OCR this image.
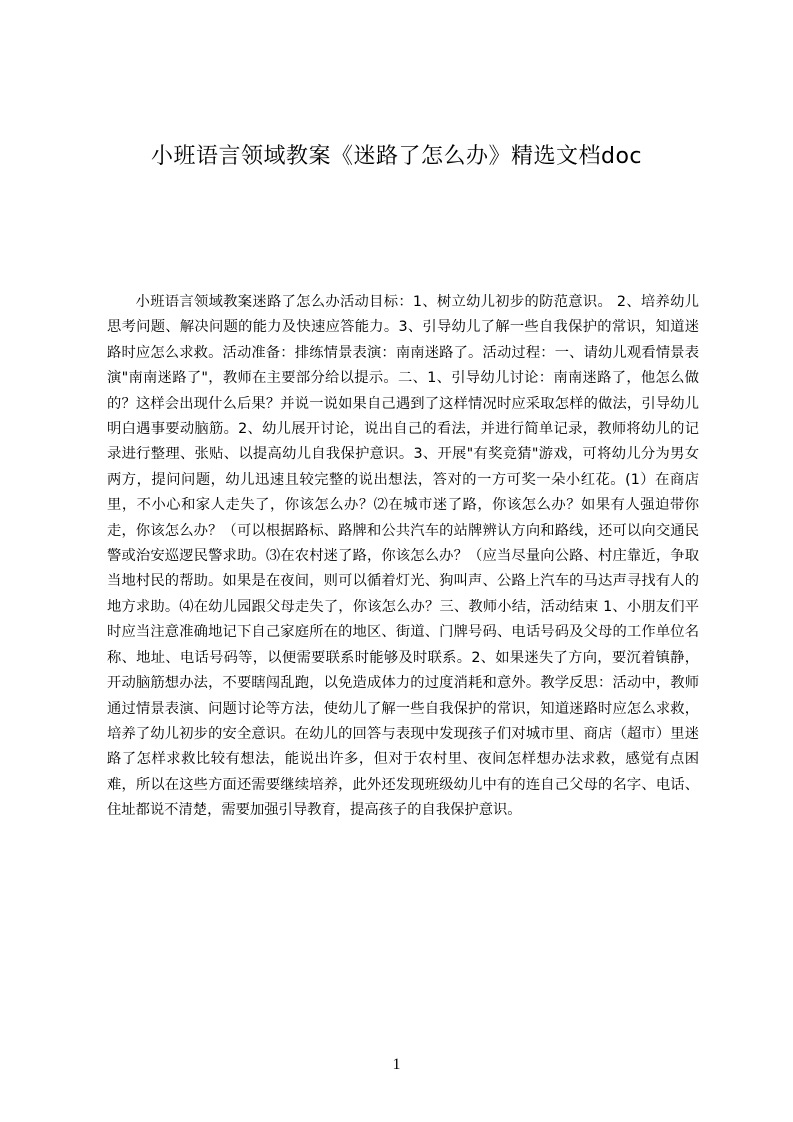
小班语言领域教案《迷路了怎么办》精选文档doc

小班语言领域教案迷路了怎么办活动目标：1、树立幼儿初步的防范意识。 2、培养幼儿思考问题、解决问题的能力及快速应答能力。3、引导幼儿了解一些自我保护的常识，知道迷路时应怎么求救。活动准备：排练情景表演：南南迷路了。活动过程：一、请幼儿观看情景表演"南南迷路了"，教师在主要部分给以提示。二、1、引导幼儿讨论：南南迷路了，他怎么做的？这样会出现什么后果？并说一说如果自己遇到了这样情况时应采取怎样的做法，引导幼儿明白遇事要动脑筋。2、幼儿展开讨论，说出自己的看法，并进行简单记录，教师将幼儿的记录进行整理、张贴、以提高幼儿自我保护意识。3、开展"有奖竞猜"游戏，可将幼儿分为男女两方，提问问题，幼儿迅速且较完整的说出想法，答对的一方可奖一朵小红花。(1）在商店里，不小心和家人走失了，你该怎么办？⑵在城市迷了路，你该怎么办？如果有人强迫带你走，你该怎么办？（可以根据路标、路牌和公共汽车的站牌辨认方向和路线，还可以向交通民警或治安巡逻民警求助。⑶在农村迷了路，你该怎么办？（应当尽量向公路、村庄靠近，争取当地村民的帮助。如果是在夜间，则可以循着灯光、狗叫声、公路上汽车的马达声寻找有人的地方求助。⑷在幼儿园跟父母走失了，你该怎么办？三、教师小结，活动结束 1、小朋友们平时应当注意准确地记下自己家庭所在的地区、街道、门牌号码、电话号码及父母的工作单位名称、地址、电话号码等，以便需要联系时能够及时联系。2、如果迷失了方向，要沉着镇静，开动脑筋想办法，不要瞎闯乱跑，以免造成体力的过度消耗和意外。教学反思：活动中，教师通过情景表演、问题讨论等方法，使幼儿了解一些自我保护的常识，知道迷路时应怎么求救，培养了幼儿初步的安全意识。在幼儿的回答与表现中发现孩子们对城市里、商店（超市）里迷路了怎样求救比较有想法，能说出许多，但对于农村里、夜间怎样想办法求救，感觉有点困难，所以在这些方面还需要继续培养，此外还发现班级幼儿中有的连自己父母的名字、电话、住址都说不清楚，需要加强引导教育，提高孩子的自我保护意识。

1
